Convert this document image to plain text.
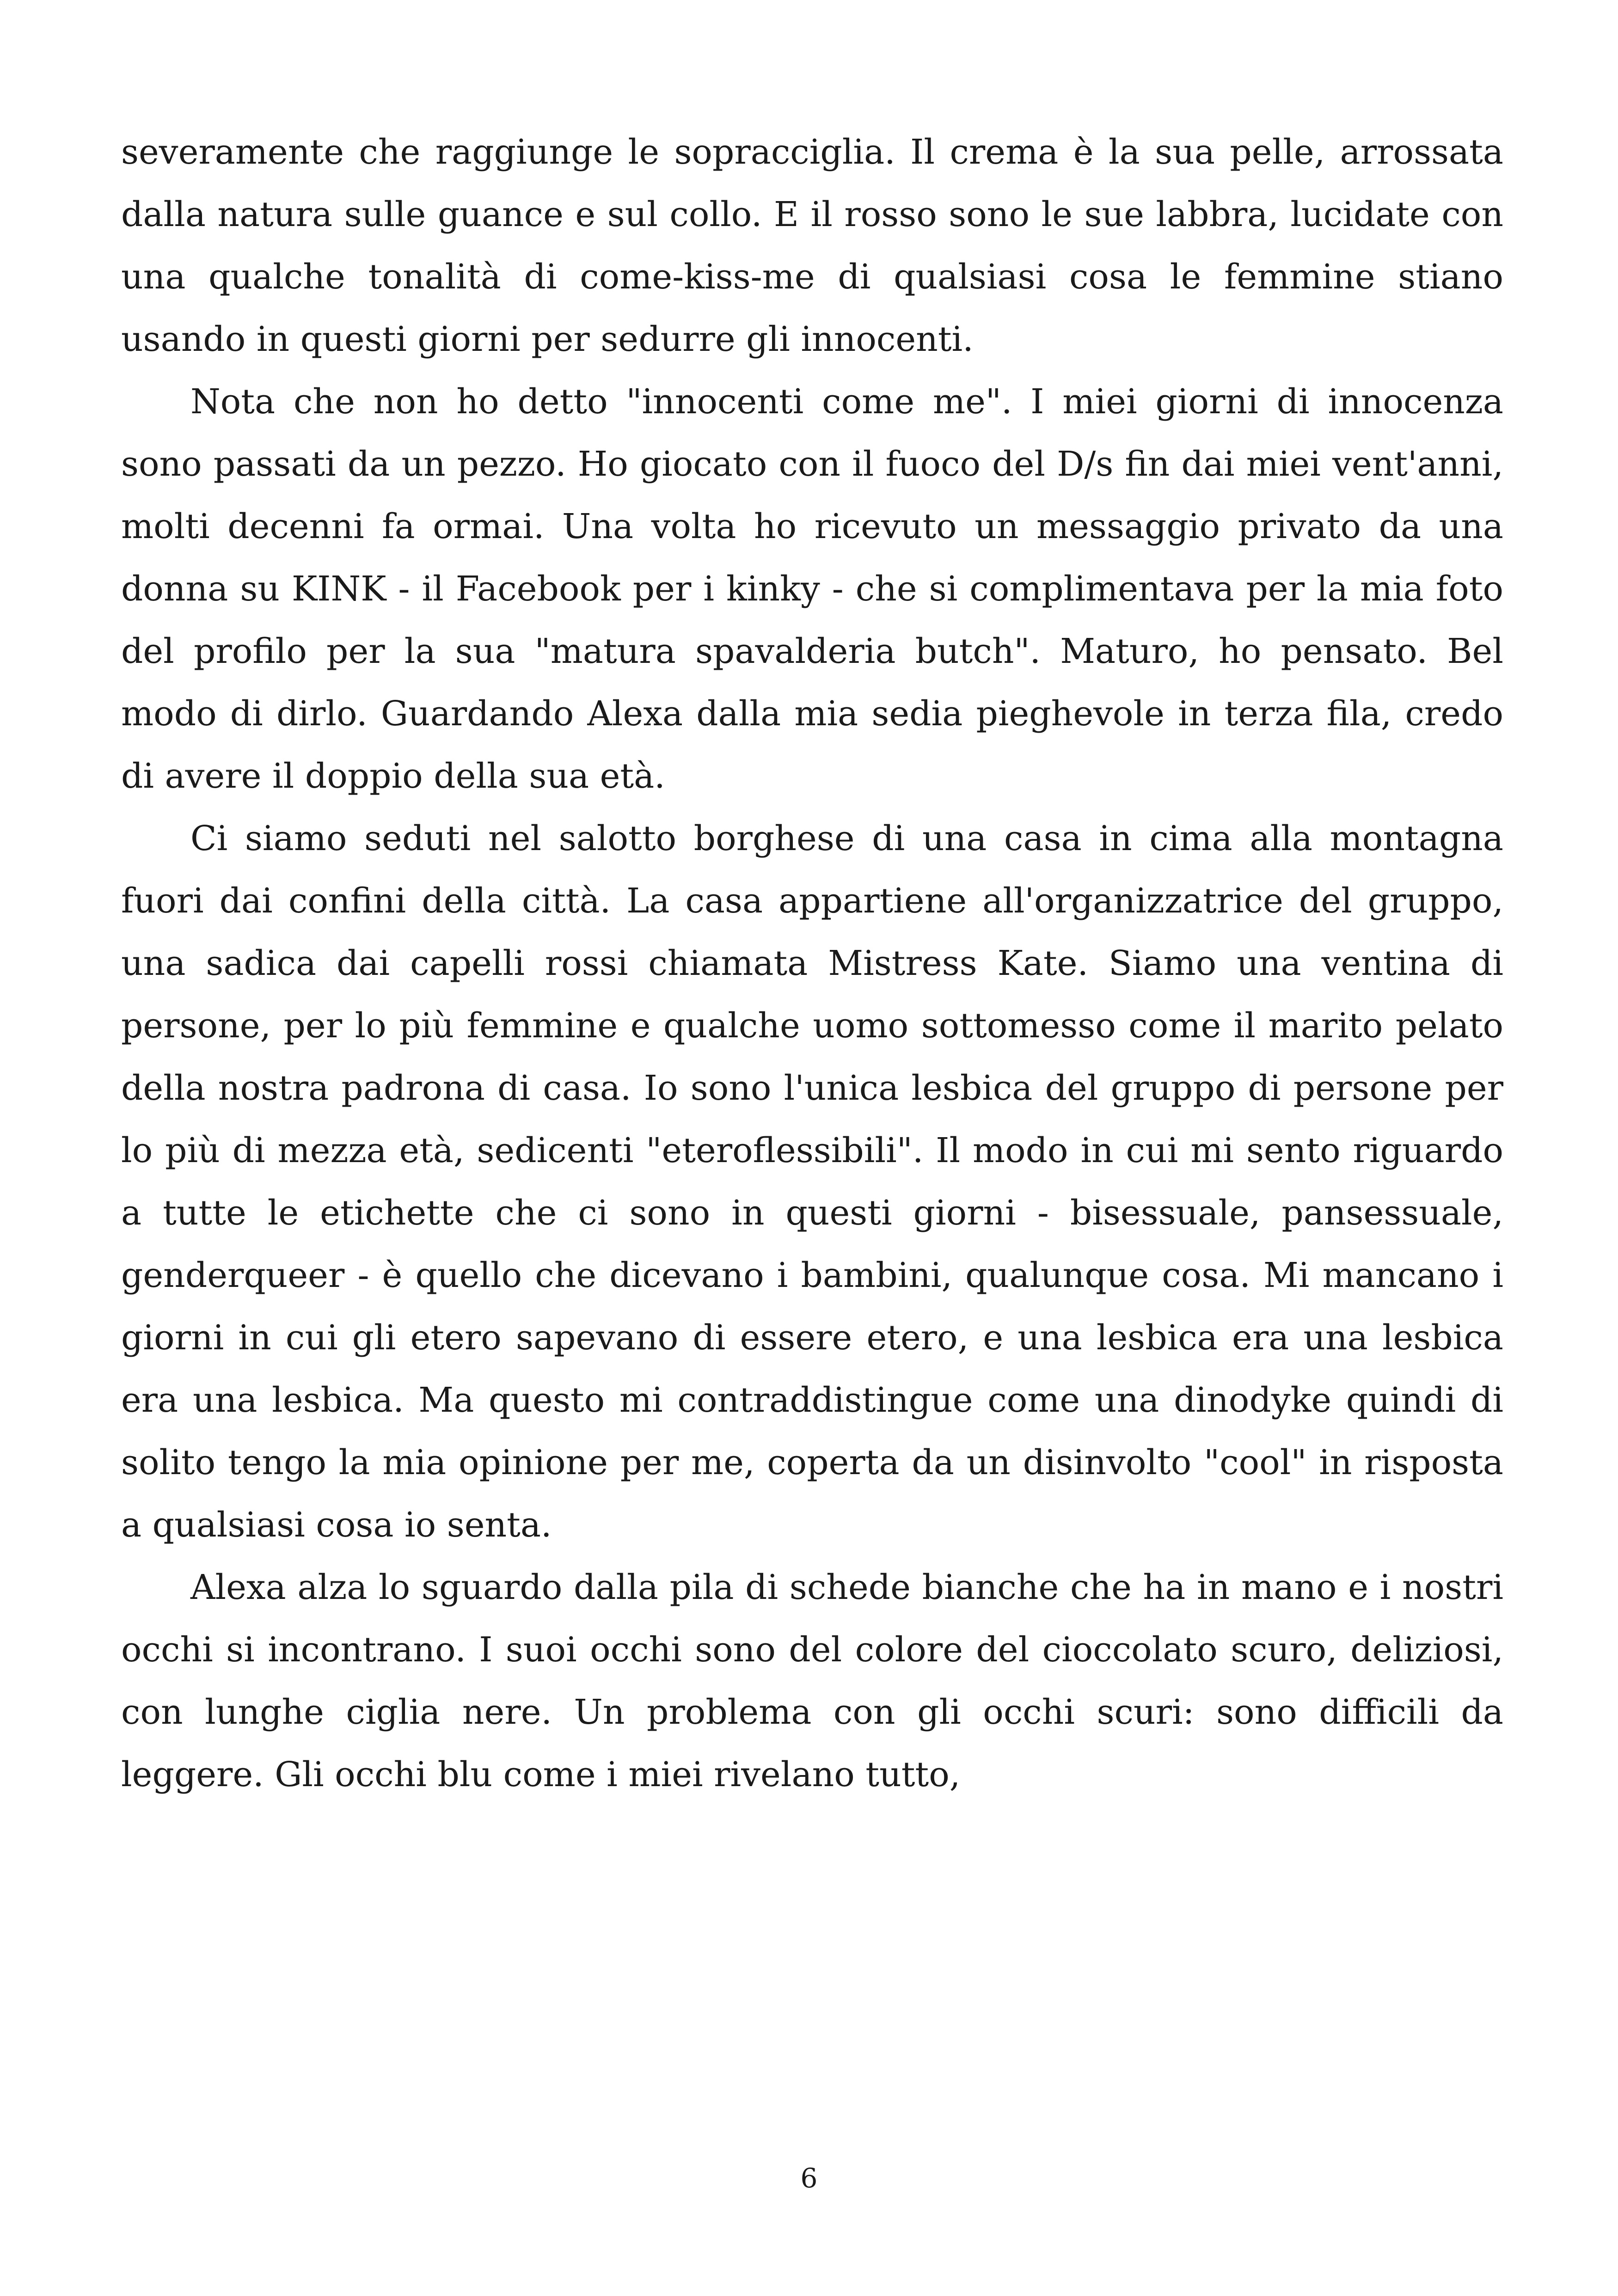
severamente che raggiunge le sopracciglia. Il crema è la sua pelle, arrossata dalla natura sulle guance e sul collo. E il rosso sono le sue labbra, lucidate con una qualche tonalità di come-kiss-me di qualsiasi cosa le femmine stiano usando in questi giorni per sedurre gli innocenti.

Nota che non ho detto "innocenti come me". I miei giorni di innocenza sono passati da un pezzo. Ho giocato con il fuoco del D/s fin dai miei vent'anni, molti decenni fa ormai. Una volta ho ricevuto un messaggio privato da una donna su KINK - il Facebook per i kinky - che si complimentava per la mia foto del profilo per la sua "matura spavalderia butch". Maturo, ho pensato. Bel modo di dirlo. Guardando Alexa dalla mia sedia pieghevole in terza fila, credo di avere il doppio della sua età.

Ci siamo seduti nel salotto borghese di una casa in cima alla montagna fuori dai confini della città. La casa appartiene all'organizzatrice del gruppo, una sadica dai capelli rossi chiamata Mistress Kate. Siamo una ventina di persone, per lo più femmine e qualche uomo sottomesso come il marito pelato della nostra padrona di casa. Io sono l'unica lesbica del gruppo di persone per lo più di mezza età, sedicenti "eteroflessibili". Il modo in cui mi sento riguardo a tutte le etichette che ci sono in questi giorni - bisessuale, pansessuale, genderqueer - è quello che dicevano i bambini, qualunque cosa. Mi mancano i giorni in cui gli etero sapevano di essere etero, e una lesbica era una lesbica era una lesbica. Ma questo mi contraddistingue come una dinodyke quindi di solito tengo la mia opinione per me, coperta da un disinvolto "cool" in risposta a qualsiasi cosa io senta.

Alexa alza lo sguardo dalla pila di schede bianche che ha in mano e i nostri occhi si incontrano. I suoi occhi sono del colore del cioccolato scuro, deliziosi, con lunghe ciglia nere. Un problema con gli occhi scuri: sono difficili da leggere. Gli occhi blu come i miei rivelano tutto,

6
